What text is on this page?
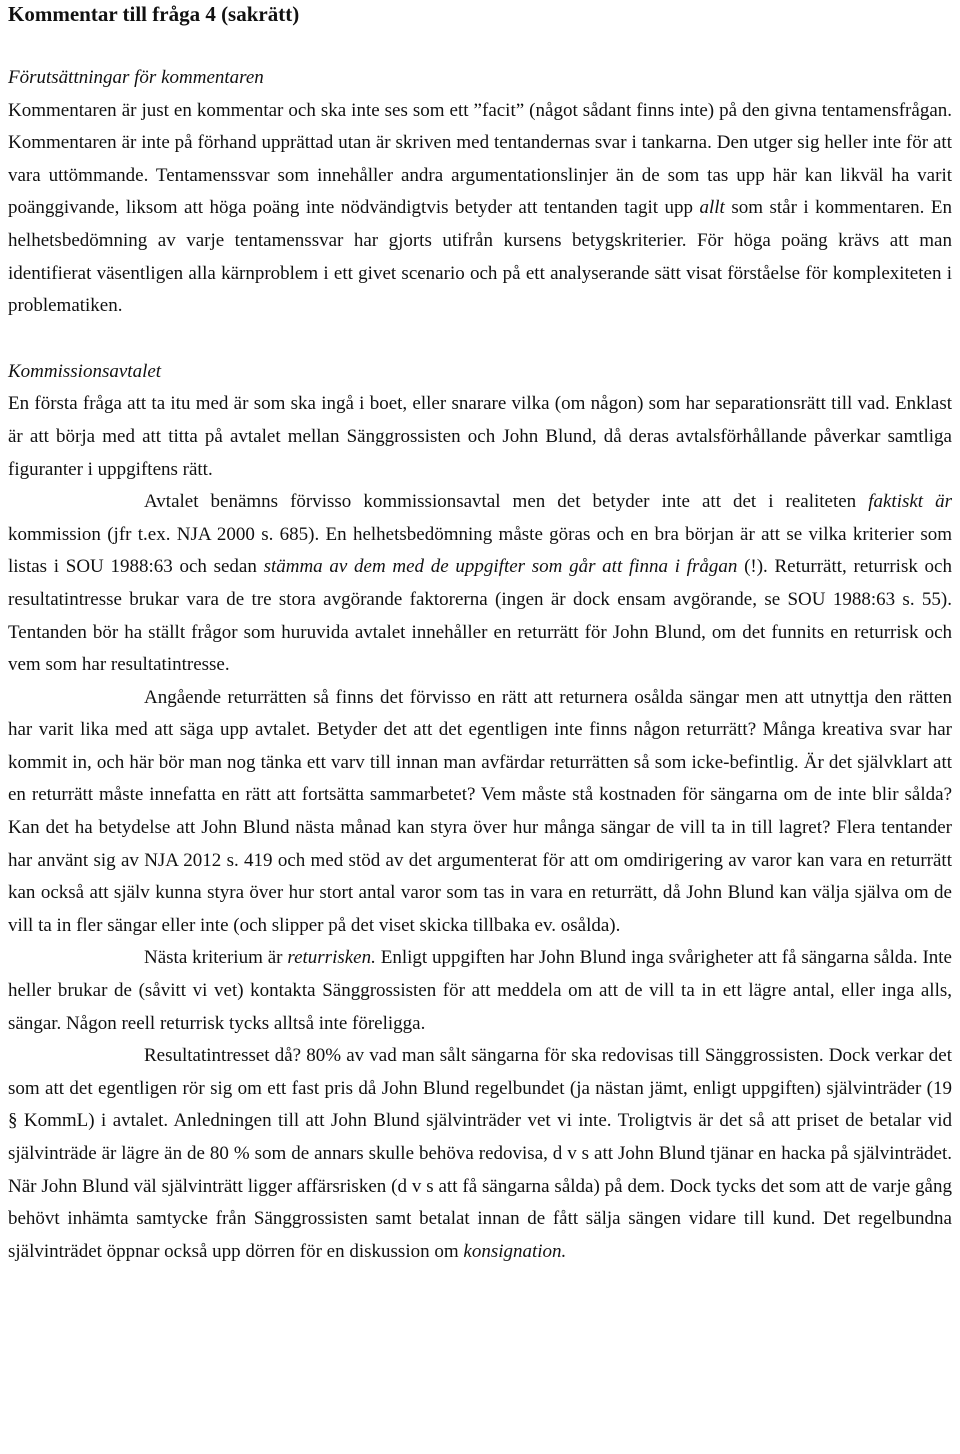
Kommentar till fråga 4 (sakrätt)
Förutsättningar för kommentaren

Kommentaren är just en kommentar och ska inte ses som ett ”facit” (något sådant finns inte) på den givna tentamensfrågan. Kommentaren är inte på förhand upprättad utan är skriven med tentandernas svar i tankarna. Den utger sig heller inte för att vara uttömmande. Tentamenssvar som innehåller andra argumentationslinjer än de som tas upp här kan likväl ha varit poänggivande, liksom att höga poäng inte nödvändigtvis betyder att tentanden tagit upp allt som står i kommentaren. En helhetsbedömning av varje tentamenssvar har gjorts utifrån kursens betygskriterier. För höga poäng krävs att man identifierat väsentligen alla kärnproblem i ett givet scenario och på ett analyserande sätt visat förståelse för komplexiteten i problematiken.

Kommissionsavtalet

En första fråga att ta itu med är som ska ingå i boet, eller snarare vilka (om någon) som har separationsrätt till vad. Enklast är att börja med att titta på avtalet mellan Sänggrossisten och John Blund, då deras avtalsförhållande påverkar samtliga figuranter i uppgiftens rätt.

Avtalet benämns förvisso kommissionsavtal men det betyder inte att det i realiteten faktiskt är kommission (jfr t.ex. NJA 2000 s. 685). En helhetsbedömning måste göras och en bra början är att se vilka kriterier som listas i SOU 1988:63 och sedan stämma av dem med de uppgifter som går att finna i frågan (!). Returrätt, returrisk och resultatintresse brukar vara de tre stora avgörande faktorerna (ingen är dock ensam avgörande, se SOU 1988:63 s. 55). Tentanden bör ha ställt frågor som huruvida avtalet innehåller en returrätt för John Blund, om det funnits en returrisk och vem som har resultatintresse.

Angående returrätten så finns det förvisso en rätt att returnera osålda sängar men att utnyttja den rätten har varit lika med att säga upp avtalet. Betyder det att det egentligen inte finns någon returrätt? Många kreativa svar har kommit in, och här bör man nog tänka ett varv till innan man avfärdar returrätten så som icke-befintlig. Är det självklart att en returrätt måste innefatta en rätt att fortsätta sammarbetet? Vem måste stå kostnaden för sängarna om de inte blir sålda? Kan det ha betydelse att John Blund nästa månad kan styra över hur många sängar de vill ta in till lagret? Flera tentander har använt sig av NJA 2012 s. 419 och med stöd av det argumenterat för att om omdirigering av varor kan vara en returrätt kan också att själv kunna styra över hur stort antal varor som tas in vara en returrätt, då John Blund kan välja själva om de vill ta in fler sängar eller inte (och slipper på det viset skicka tillbaka ev. osålda).

Nästa kriterium är returrisken. Enligt uppgiften har John Blund inga svårigheter att få sängarna sålda. Inte heller brukar de (såvitt vi vet) kontakta Sänggrossisten för att meddela om att de vill ta in ett lägre antal, eller inga alls, sängar. Någon reell returrisk tycks alltså inte föreligga.

Resultatintresset då? 80% av vad man sålt sängarna för ska redovisas till Sänggrossisten. Dock verkar det som att det egentligen rör sig om ett fast pris då John Blund regelbundet (ja nästan jämt, enligt uppgiften) självinträder (19 § KommL) i avtalet. Anledningen till att John Blund självinträder vet vi inte. Troligtvis är det så att priset de betalar vid självinträde är lägre än de 80 % som de annars skulle behöva redovisa, d v s att John Blund tjänar en hacka på självinträdet. När John Blund väl självinträtt ligger affärsrisken (d v s att få sängarna sålda) på dem. Dock tycks det som att de varje gång behövt inhämta samtycke från Sänggrossisten samt betalat innan de fått sälja sängen vidare till kund. Det regelbundna självinträdet öppnar också upp dörren för en diskussion om konsignation.
